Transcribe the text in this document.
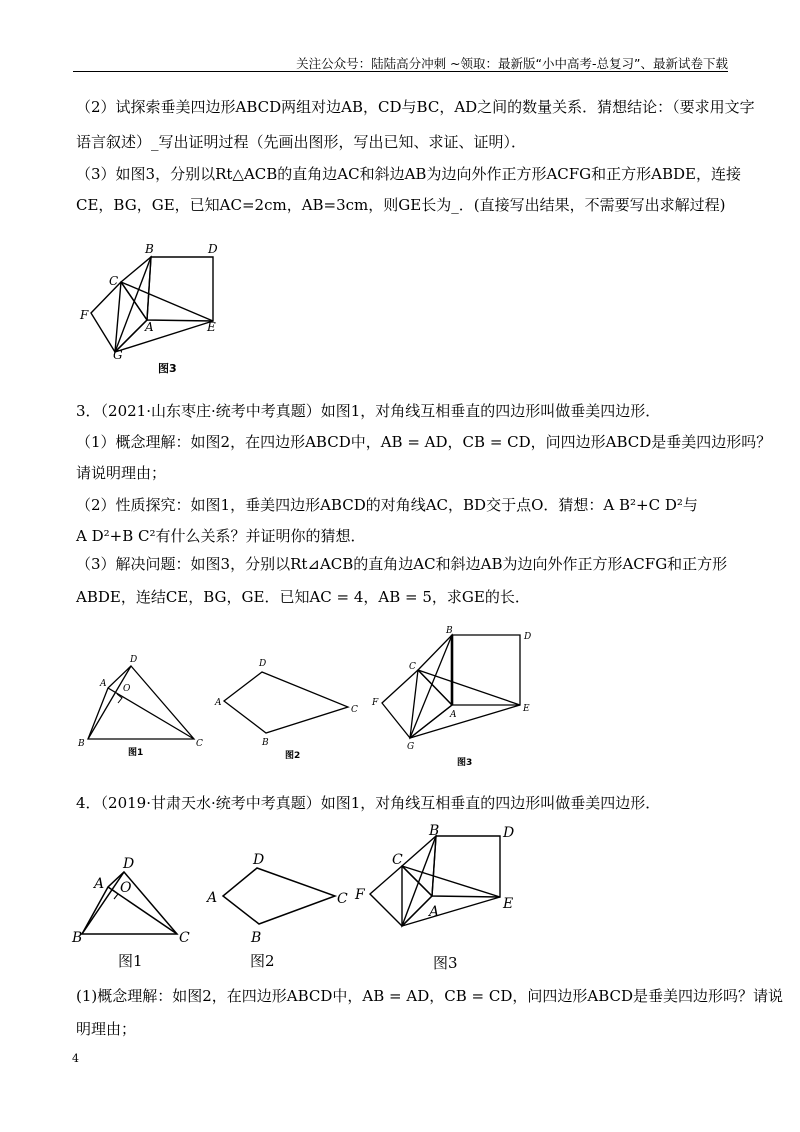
关注公众号：陆陆高分冲刺 ~领取：最新版“小中高考-总复习”、最新试卷下载
（2）试探索垂美四边形ABCD两组对边AB，CD与BC，AD之间的数量关系．猜想结论：（要求用文字
语言叙述）_写出证明过程（先画出图形，写出已知、求证、证明）．
（3）如图3，分别以Rt△ACB的直角边AC和斜边AB为边向外作正方形ACFG和正方形ABDE，连接
CE，BG，GE，已知AC=2cm，AB=3cm，则GE长为_．(直接写出结果，不需要写出求解过程)
B	D
C
F
A	E
G
图3
3．（2021·山东枣庄·统考中考真题）如图1，对角线互相垂直的四边形叫做垂美四边形．
（1）概念理解：如图2，在四边形ABCD中，AB = AD，CB = CD，问四边形ABCD是垂美四边形吗？
请说明理由；
（2）性质探究：如图1，垂美四边形ABCD的对角线AC，BD交于点O．猜想：A B²+C D²与
A D²+B C²有什么关系？并证明你的猜想．
（3）解决问题：如图3，分别以Rt⊿ACB的直角边AC和斜边AB为边向外作正方形ACFG和正方形
ABDE，连结CE，BG，GE．已知AC = 4，AB = 5，求GE的长．
D
A O
B	C
图1
D
A
C
B
图2
B
D
C
F
A
E
G
图3
4．（2019·甘肃天水·统考中考真题）如图1，对角线互相垂直的四边形叫做垂美四边形．
D
A O
B	C
图1
D
A	C
B
图2
B	D
C
F
A	E
图3
(1)概念理解：如图2，在四边形ABCD中，AB = AD，CB = CD，问四边形ABCD是垂美四边形吗？请说
明理由；
4
